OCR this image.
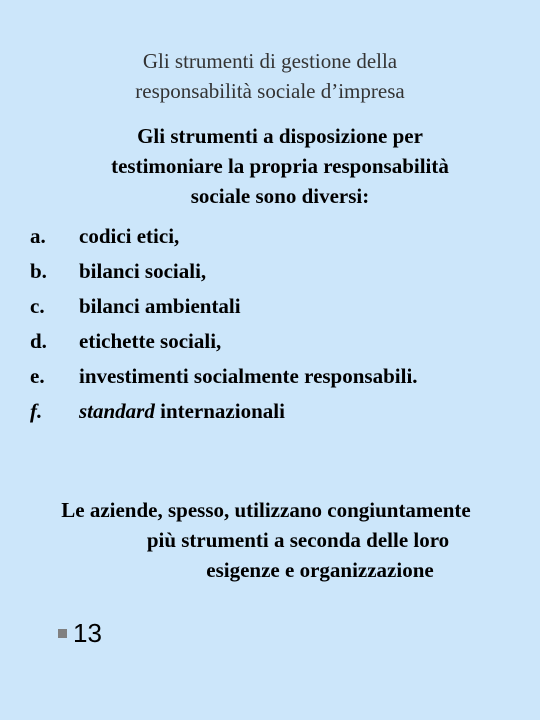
Gli strumenti di gestione della
responsabilità sociale d’impresa
Gli strumenti a disposizione per
testimoniare la propria responsabilità
sociale sono diversi:
a. codici etici,
b. bilanci sociali,
c. bilanci ambientali
d. etichette sociali,
e. investimenti socialmente responsabili.
f. standard internazionali
Le aziende, spesso, utilizzano congiuntamente
più strumenti a seconda delle loro
esigenze e organizzazione
13
